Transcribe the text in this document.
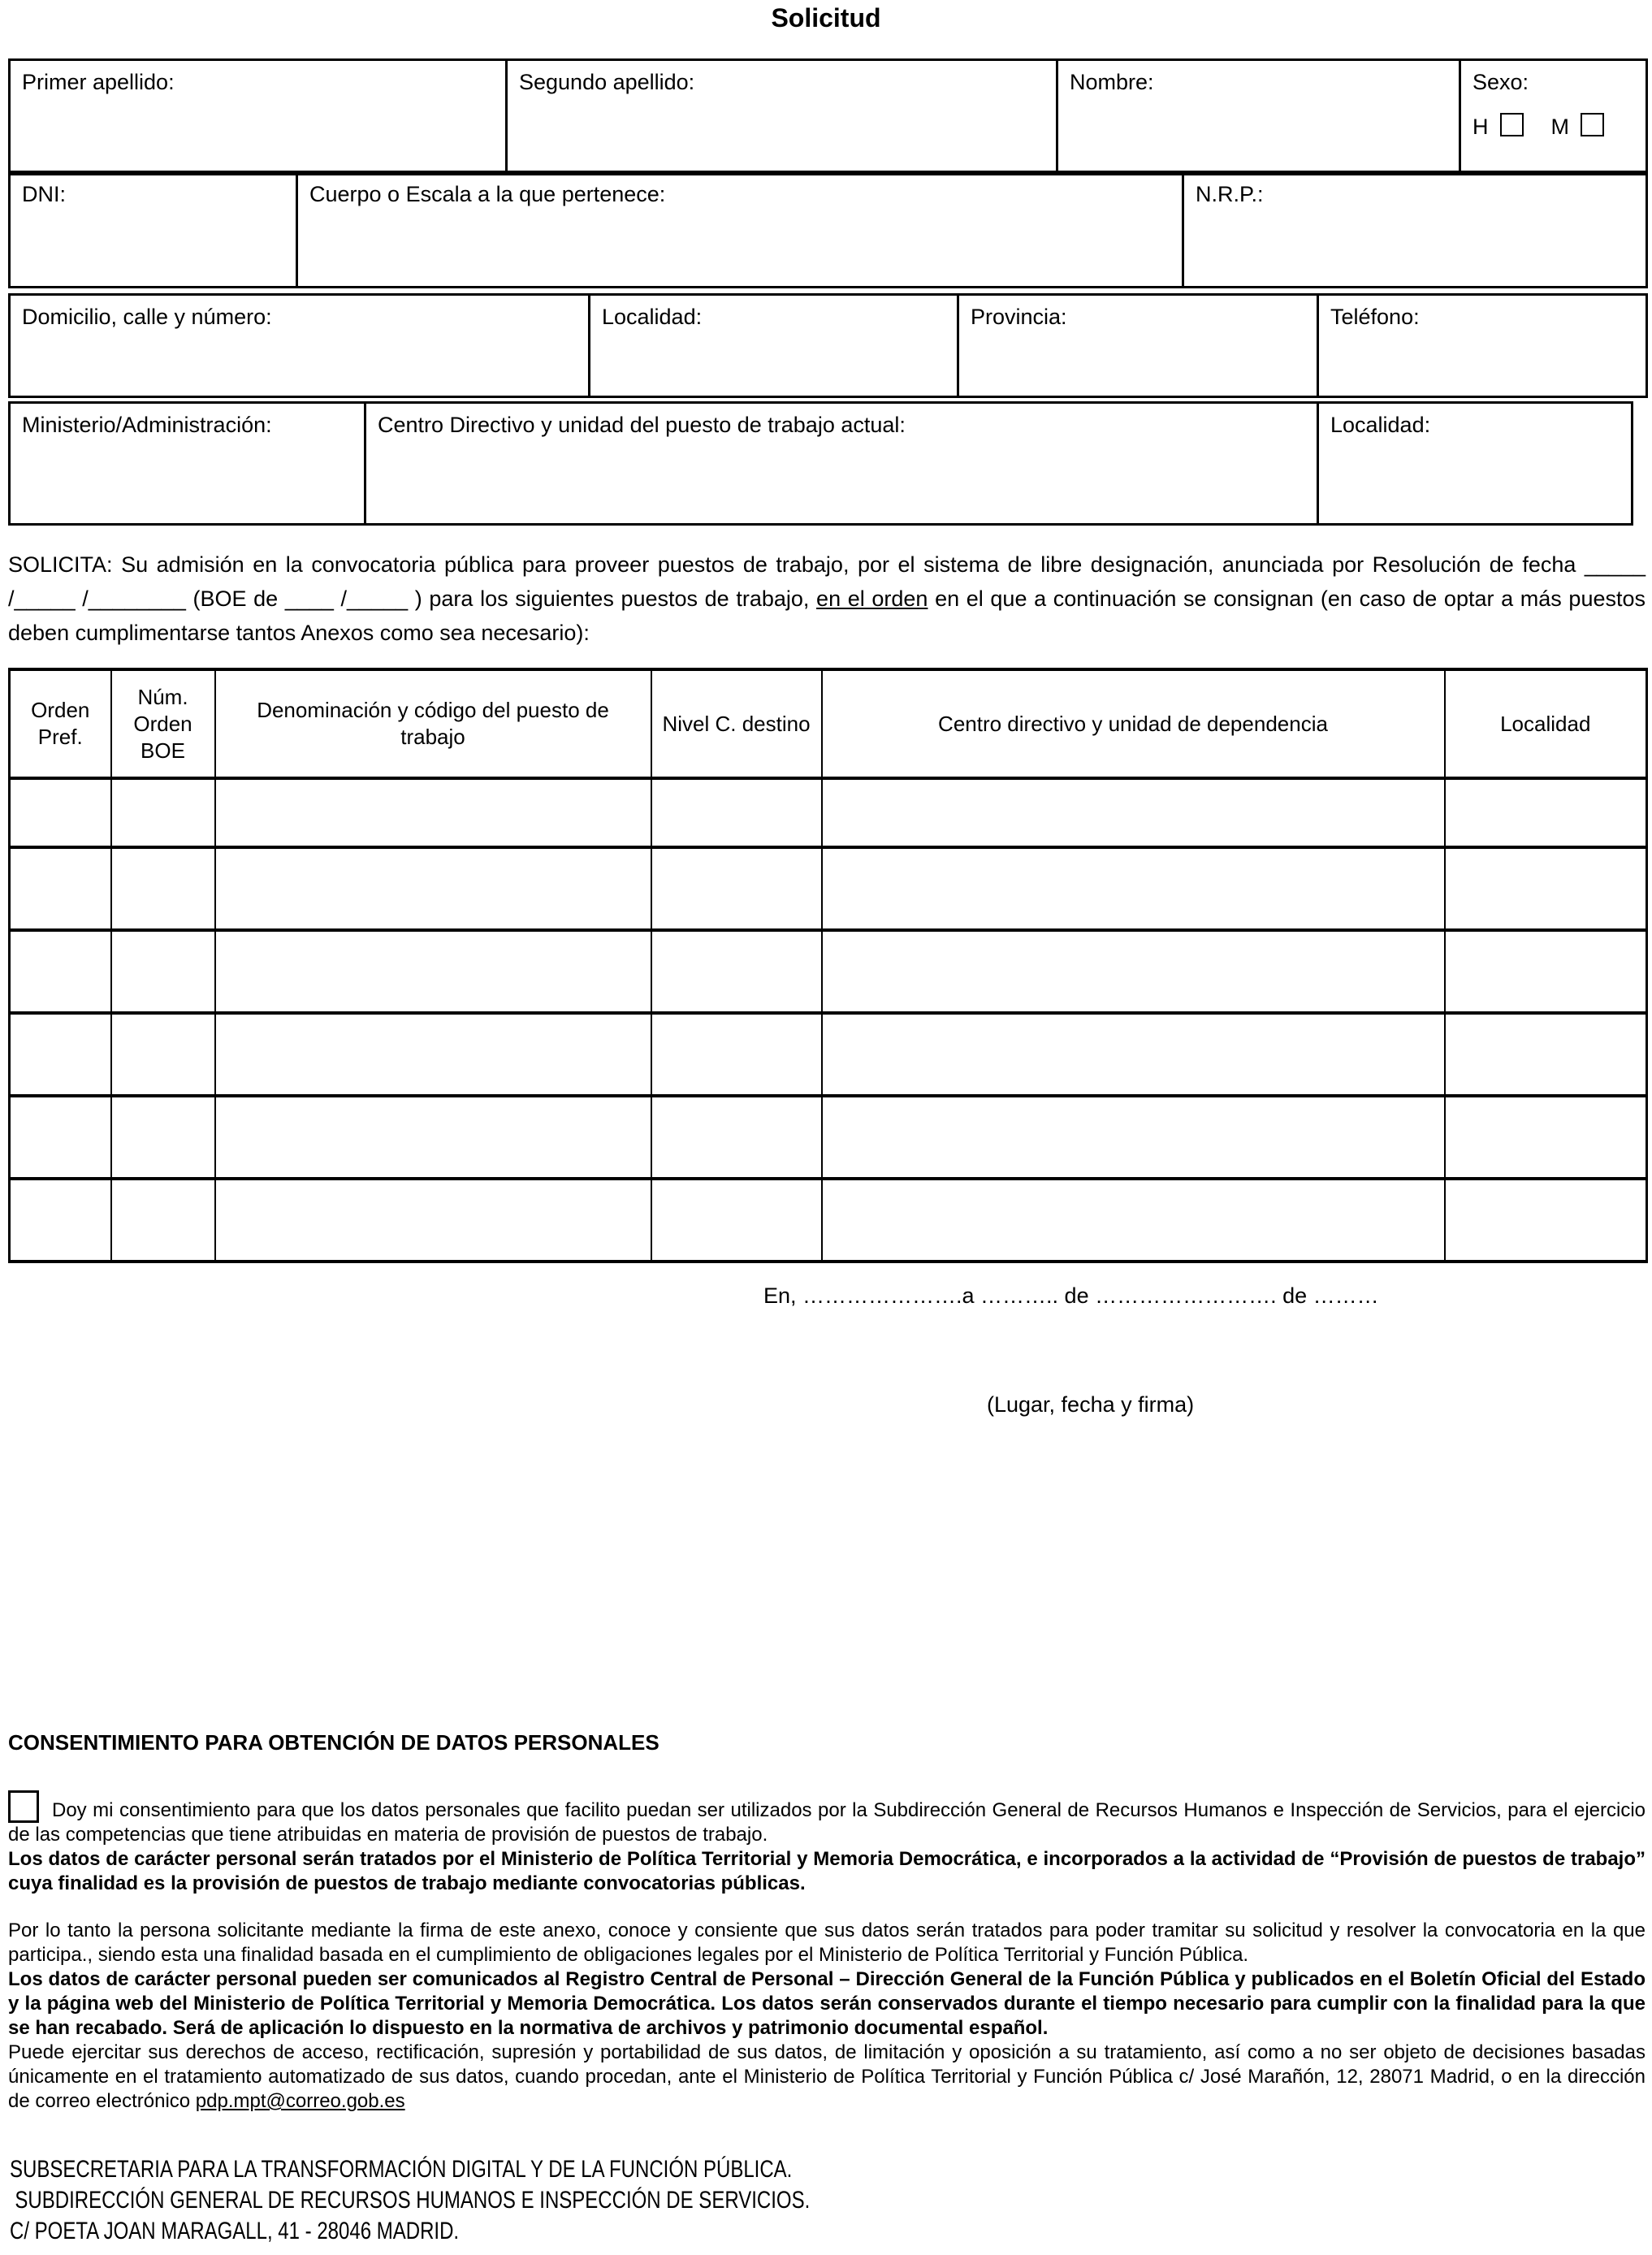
Solicitud
Primer apellido:	Segundo apellido:	Nombre:	Sexo:
H	M
DNI:	Cuerpo o Escala a la que pertenece:	N.R.P.:
Domicilio, calle y número:	Localidad:	Provincia:	Teléfono:
Ministerio/Administración:	Centro Directivo y unidad del puesto de trabajo actual:	Localidad:
SOLICITA: Su admisión en la convocatoria pública para proveer puestos de trabajo, por el sistema de libre designación, anunciada por Resolución de fecha _____ /_____ /________ (BOE de ____ /_____ ) para los siguientes puestos de trabajo, en el orden en el que a continuación se consignan (en caso de optar a más puestos deben cumplimentarse tantos Anexos como sea necesario):
Orden Pref.	Núm. Orden BOE	Denominación y código del puesto de trabajo	Nivel C. destino	Centro directivo y unidad de dependencia	Localidad

En, ………………….a ……….. de ……………………. de ………
(Lugar, fecha y firma)
CONSENTIMIENTO PARA OBTENCIÓN DE DATOS PERSONALES

Doy mi consentimiento para que los datos personales que facilito puedan ser utilizados por la Subdirección General de Recursos Humanos e Inspección de Servicios, para el ejercicio de las competencias que tiene atribuidas en materia de provisión de puestos de trabajo.

Los datos de carácter personal serán tratados por el Ministerio de Política Territorial y Memoria Democrática, e incorporados a la actividad de “Provisión de puestos de trabajo” cuya finalidad es la provisión de puestos de trabajo mediante convocatorias públicas.

Por lo tanto la persona solicitante mediante la firma de este anexo, conoce y consiente que sus datos serán tratados para poder tramitar su solicitud y resolver la convocatoria en la que participa., siendo esta una finalidad basada en el cumplimiento de obligaciones legales por el Ministerio de Política Territorial y Función Pública.

Los datos de carácter personal pueden ser comunicados al Registro Central de Personal – Dirección General de la Función Pública y publicados en el Boletín Oficial del Estado y la página web del Ministerio de Política Territorial y Memoria Democrática. Los datos serán conservados durante el tiempo necesario para cumplir con la finalidad para la que se han recabado. Será de aplicación lo dispuesto en la normativa de archivos y patrimonio documental español.

Puede ejercitar sus derechos de acceso, rectificación, supresión y portabilidad de sus datos, de limitación y oposición a su tratamiento, así como a no ser objeto de decisiones basadas únicamente en el tratamiento automatizado de sus datos, cuando procedan, ante el Ministerio de Política Territorial y Función Pública c/ José Marañón, 12, 28071 Madrid, o en la dirección de correo electrónico pdp.mpt@correo.gob.es

SUBSECRETARIA PARA LA TRANSFORMACIÓN DIGITAL Y DE LA FUNCIÓN PÚBLICA.
SUBDIRECCIÓN GENERAL DE RECURSOS HUMANOS E INSPECCIÓN DE SERVICIOS.
C/ POETA JOAN MARAGALL, 41 - 28046 MADRID.
